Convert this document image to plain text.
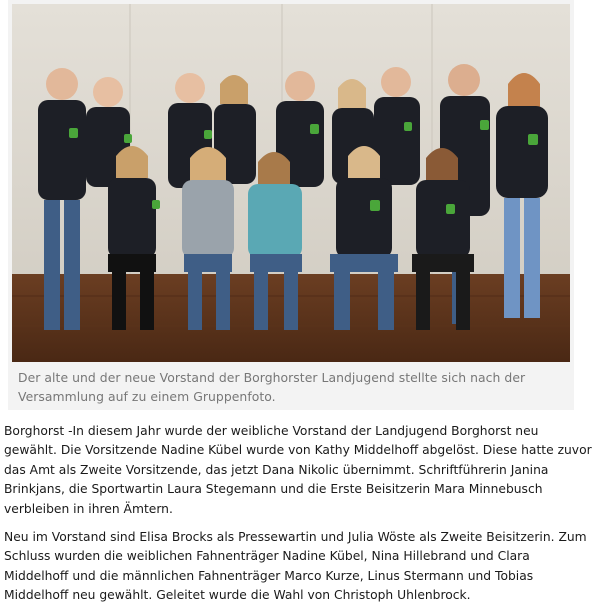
Der alte und der neue Vorstand der Borghorster Landjugend stellte sich nach der Versammlung auf zu einem Gruppenfoto.

Borghorst -In diesem Jahr wurde der weibliche Vorstand der Landjugend Borghorst neu gewählt. Die Vorsitzende Nadine Kübel wurde von Kathy Middelhoff abgelöst. Diese hatte zuvor das Amt als Zweite Vorsitzende, das jetzt Dana Nikolic übernimmt. Schriftführerin Janina Brinkjans, die Sportwartin Laura Stegemann und die Erste Beisitzerin Mara Minnebusch verbleiben in ihren Ämtern.

Neu im Vorstand sind Elisa Brocks als Pressewartin und Julia Wöste als Zweite Beisitzerin. Zum Schluss wurden die weiblichen Fahnenträger Nadine Kübel, Nina Hillebrand und Clara Middelhoff und die männlichen Fahnenträger Marco Kurze, Linus Stermann und Tobias Middelhoff neu gewählt. Geleitet wurde die Wahl von Christoph Uhlenbrock.
